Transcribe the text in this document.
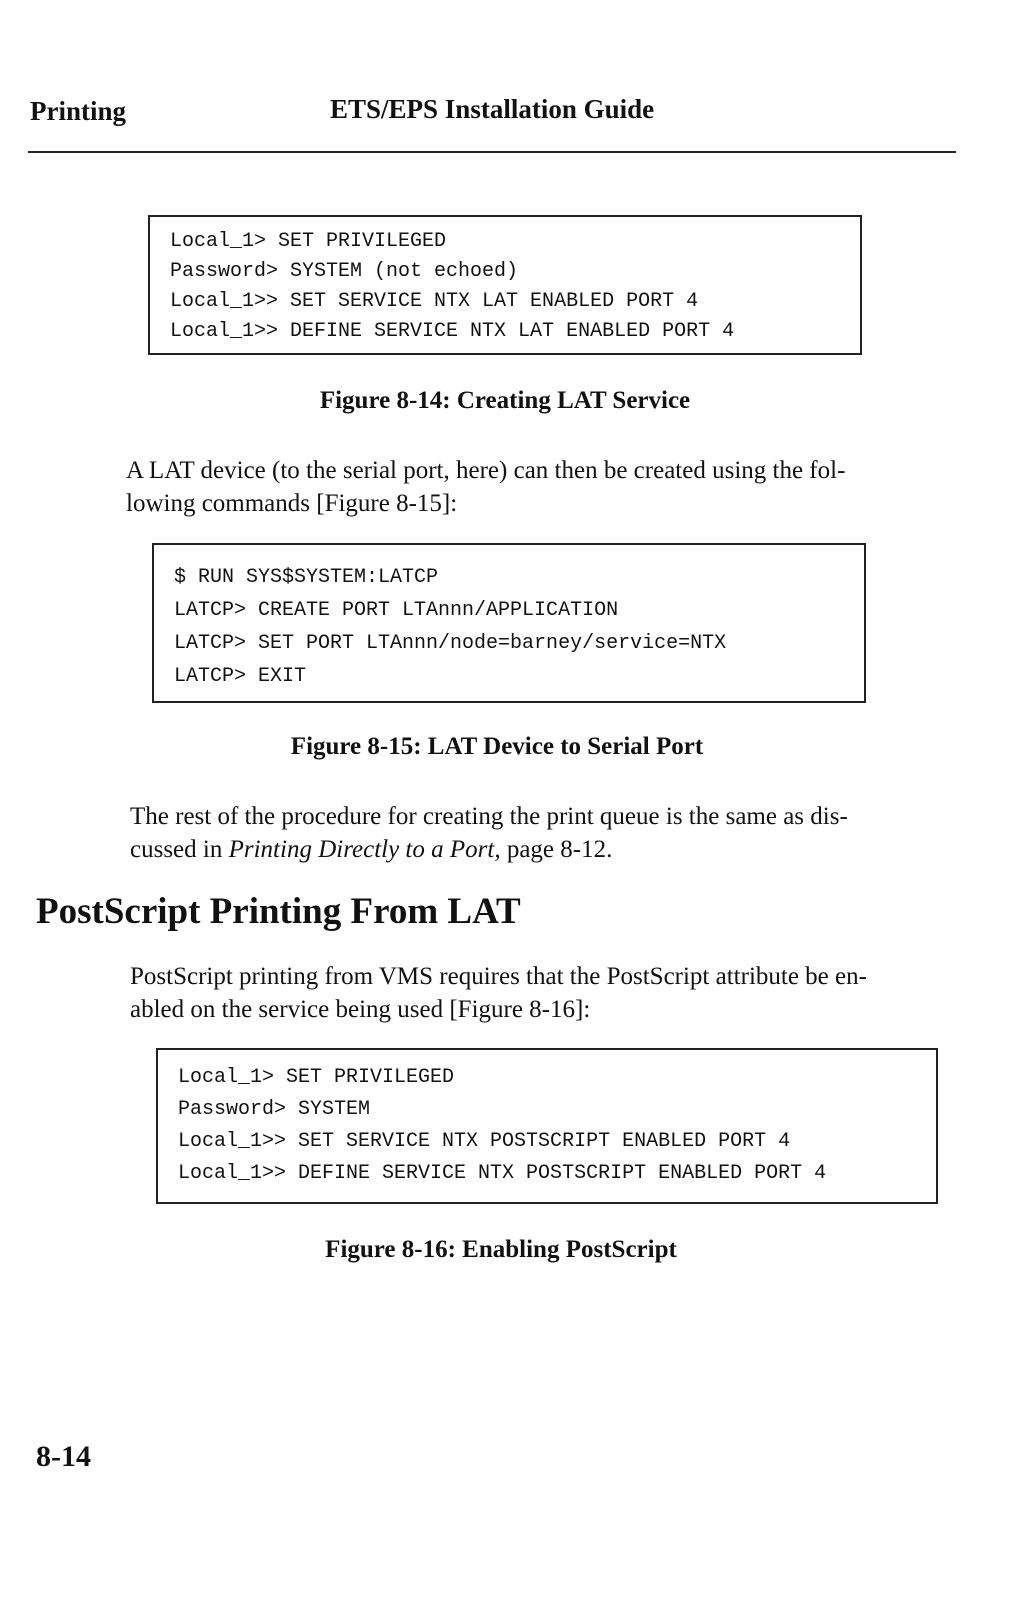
Printing	ETS/EPS Installation Guide
Local_1> SET PRIVILEGED
Password> SYSTEM (not echoed)
Local_1>> SET SERVICE NTX LAT ENABLED PORT 4
Local_1>> DEFINE SERVICE NTX LAT ENABLED PORT 4
Figure 8-14: Creating LAT Service
A LAT device (to the serial port, here) can then be created using the fol-
lowing commands [Figure 8-15]:
$ RUN SYS$SYSTEM:LATCP
LATCP> CREATE PORT LTAnnn/APPLICATION
LATCP> SET PORT LTAnnn/node=barney/service=NTX
LATCP> EXIT
Figure 8-15: LAT Device to Serial Port
The rest of the procedure for creating the print queue is the same as dis-
cussed in Printing Directly to a Port, page 8-12.
PostScript Printing From LAT
PostScript printing from VMS requires that the PostScript attribute be en-
abled on the service being used [Figure 8-16]:
Local_1> SET PRIVILEGED
Password> SYSTEM
Local_1>> SET SERVICE NTX POSTSCRIPT ENABLED PORT 4
Local_1>> DEFINE SERVICE NTX POSTSCRIPT ENABLED PORT 4
Figure 8-16: Enabling PostScript
8-14
